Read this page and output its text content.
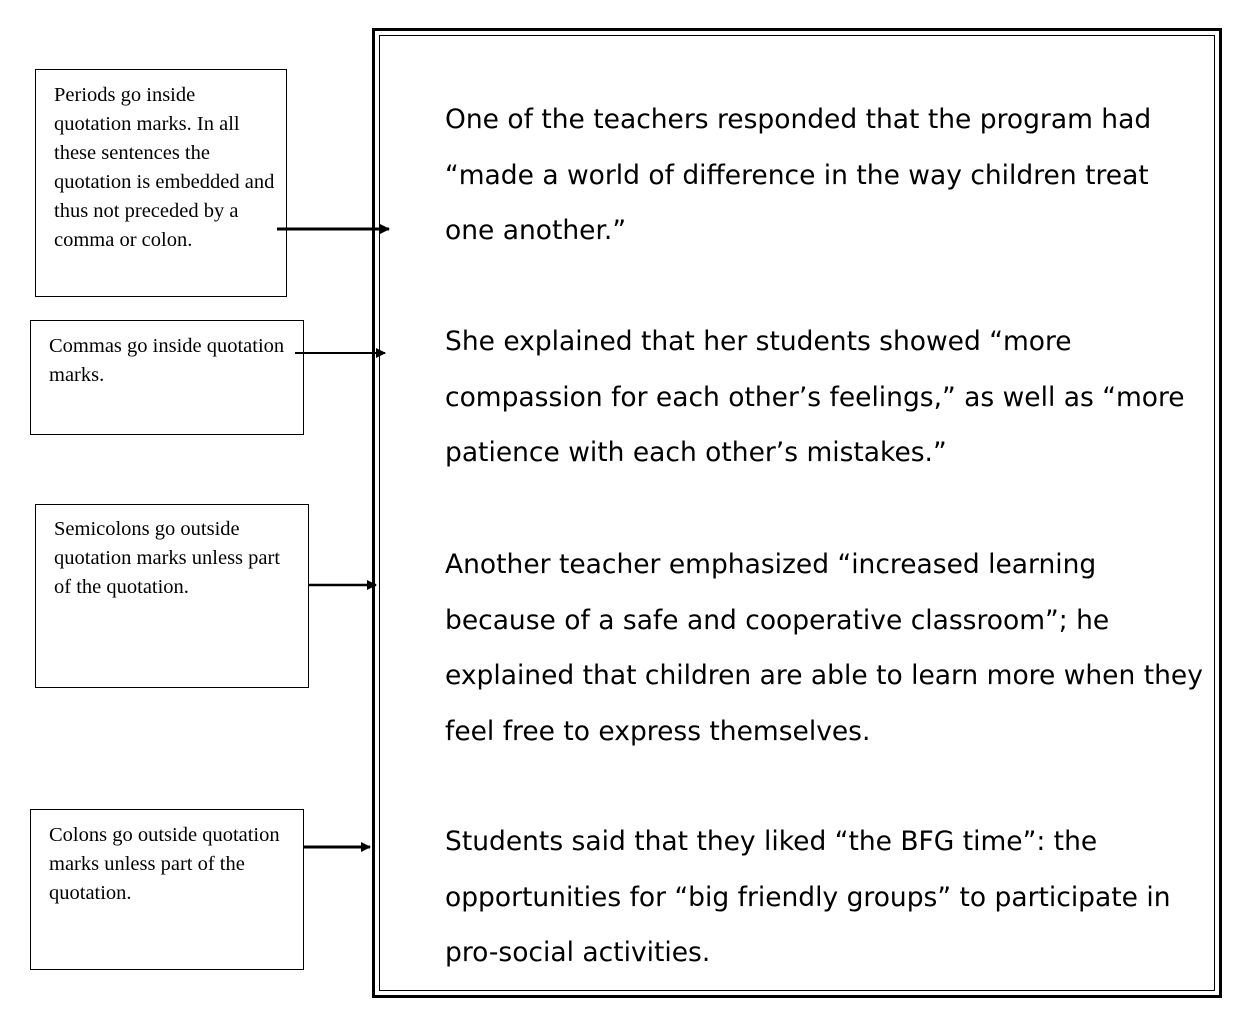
Periods go inside quotation marks. In all these sentences the quotation is embedded and thus not preceded by a comma or colon.
Commas go inside quotation marks.
Semicolons go outside quotation marks unless part of the quotation.
Colons go outside quotation marks unless part of the quotation.
One of the teachers responded that the program had “made a world of difference in the way children treat one another.”
She explained that her students showed “more compassion for each other’s feelings,” as well as “more patience with each other’s mistakes.”
Another teacher emphasized “increased learning because of a safe and cooperative classroom”; he explained that children are able to learn more when they feel free to express themselves.
Students said that they liked “the BFG time”: the opportunities for “big friendly groups” to participate in pro-social activities.
